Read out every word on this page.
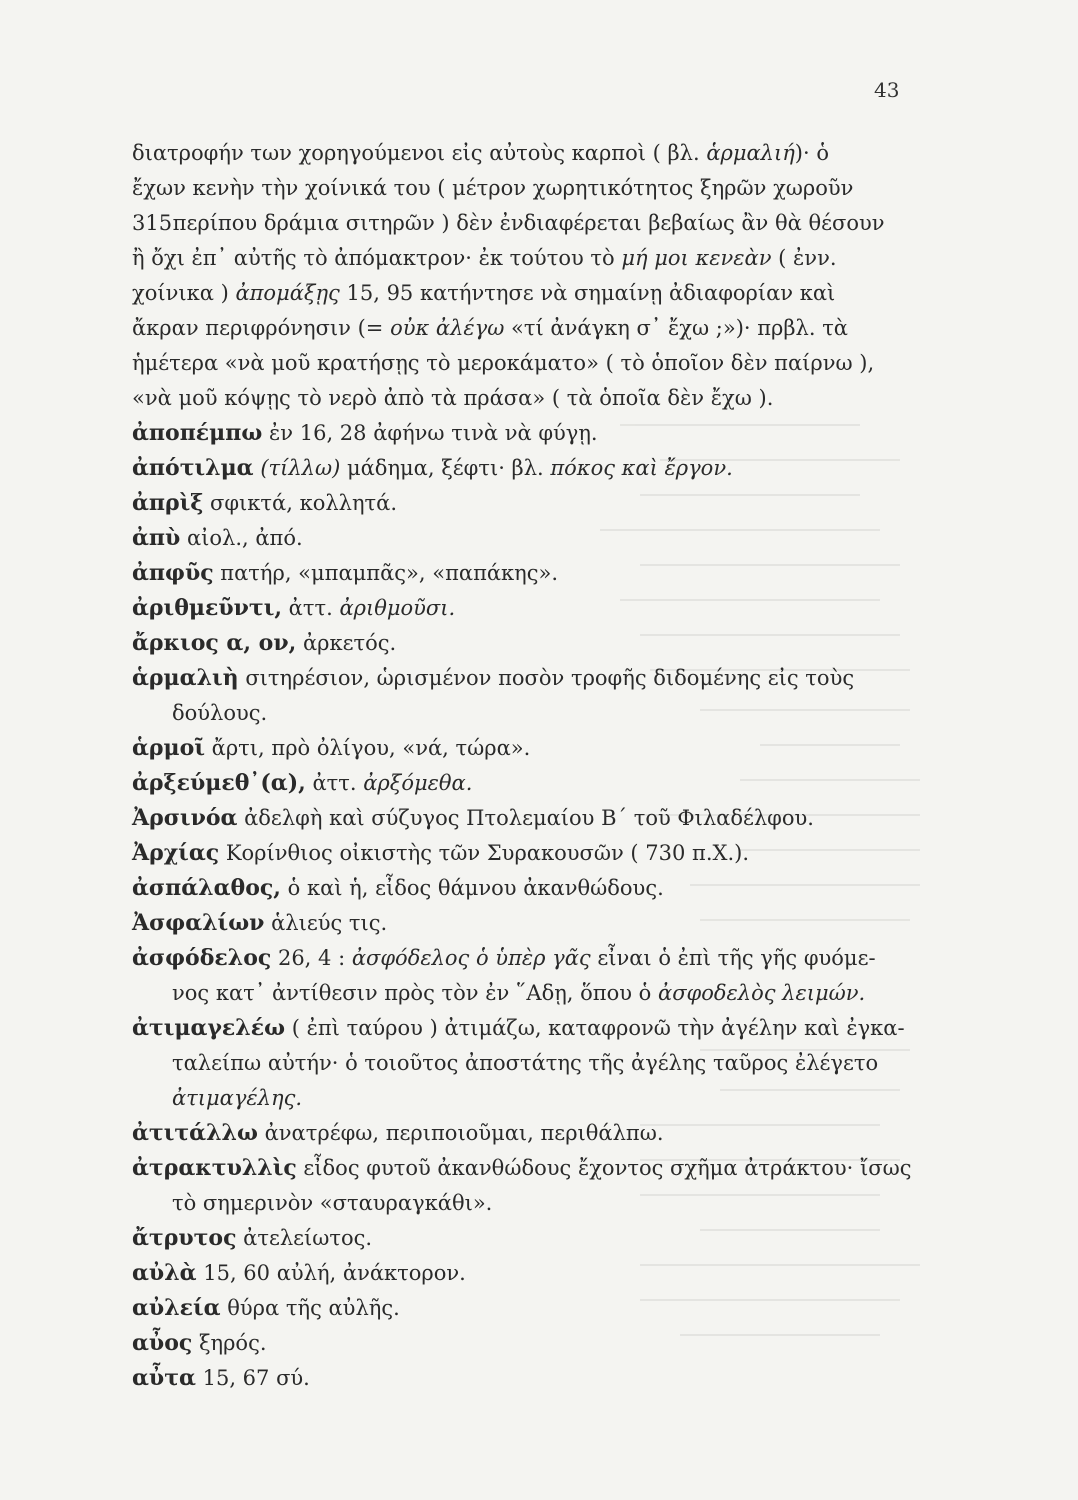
43
διατροφήν των χορηγούμενοι εἰς αὐτοὺς καρποὶ ( βλ. ἁρμαλιή)· ὁ
ἔχων κενὴν τὴν χοίνικά του ( μέτρον χωρητικότητος ξηρῶν χωροῦν
315 περίπου δράμια σιτηρῶν ) δὲν ἐνδιαφέρεται βεβαίως ἂν θὰ θέσουν
ἢ ὄχι ἐπ᾽ αὐτῆς τὸ ἀπόμακτρον· ἐκ τούτου τὸ μή μοι κενεὰν ( ἐνν.
χοίνικα ) ἀπομάξῃς 15, 95 κατήντησε νὰ σημαίνῃ ἀδιαφορίαν καὶ
ἄκραν περιφρόνησιν (= οὐκ ἀλέγω «τί ἀνάγκη σ᾽ ἔχω ;»)· πρβλ. τὰ
ἡμέτερα «νὰ μοῦ κρατήσῃς τὸ μεροκάματο» ( τὸ ὁποῖον δὲν παίρνω ),
«νὰ μοῦ κόψῃς τὸ νερὸ ἀπὸ τὰ πράσα» ( τὰ ὁποῖα δὲν ἔχω ).
ἀποπέμπω ἐν 16, 28 ἀφήνω τινὰ νὰ φύγῃ.
ἀπότιλμα (τίλλω) μάδημα, ξέφτι· βλ. πόκος καὶ ἔργον.
ἀπρὶξ σφικτά, κολλητά.
ἀπὺ αἰολ., ἀπό.
ἀπφῦς πατήρ, «μπαμπᾶς», «παπάκης».
ἀριθμεῦντι, ἀττ. ἀριθμοῦσι.
ἄρκιος α, ον, ἀρκετός.
ἁρμαλιὴ σιτηρέσιον, ὡρισμένον ποσὸν τροφῆς διδομένης εἰς τοὺς
δούλους.
ἁρμοῖ ἄρτι, πρὸ ὀλίγου, «νά, τώρα».
ἀρξεύμεθ᾽(α), ἀττ. ἀρξόμεθα.
Ἀρσινόα ἀδελφὴ καὶ σύζυγος Πτολεμαίου Β΄ τοῦ Φιλαδέλφου.
Ἀρχίας Κορίνθιος οἰκιστὴς τῶν Συρακουσῶν ( 730 π.Χ.).
ἀσπάλαθος, ὁ καὶ ἡ, εἶδος θάμνου ἀκανθώδους.
Ἀσφαλίων ἁλιεύς τις.
ἀσφόδελος 26, 4 : ἀσφόδελος ὁ ὑπὲρ γᾶς εἶναι ὁ ἐπὶ τῆς γῆς φυόμε-
νος κατ᾽ ἀντίθεσιν πρὸς τὸν ἐν ῞Αδῃ, ὅπου ὁ ἀσφοδελὸς λειμών.
ἀτιμαγελέω ( ἐπὶ ταύρου ) ἀτιμάζω, καταφρονῶ τὴν ἀγέλην καὶ ἐγκα-
ταλείπω αὐτήν· ὁ τοιοῦτος ἀποστάτης τῆς ἀγέλης ταῦρος ἐλέγετο
ἀτιμαγέλης.
ἀτιτάλλω ἀνατρέφω, περιποιοῦμαι, περιθάλπω.
ἀτρακτυλλὶς εἶδος φυτοῦ ἀκανθώδους ἔχοντος σχῆμα ἀτράκτου· ἴσως
τὸ σημερινὸν «σταυραγκάθι».
ἄτρυτος ἀτελείωτος.
αὐλὰ 15, 60 αὐλή, ἀνάκτορον.
αὐλεία θύρα τῆς αὐλῆς.
αὖος ξηρός.
αὖτα 15, 67 σύ.
